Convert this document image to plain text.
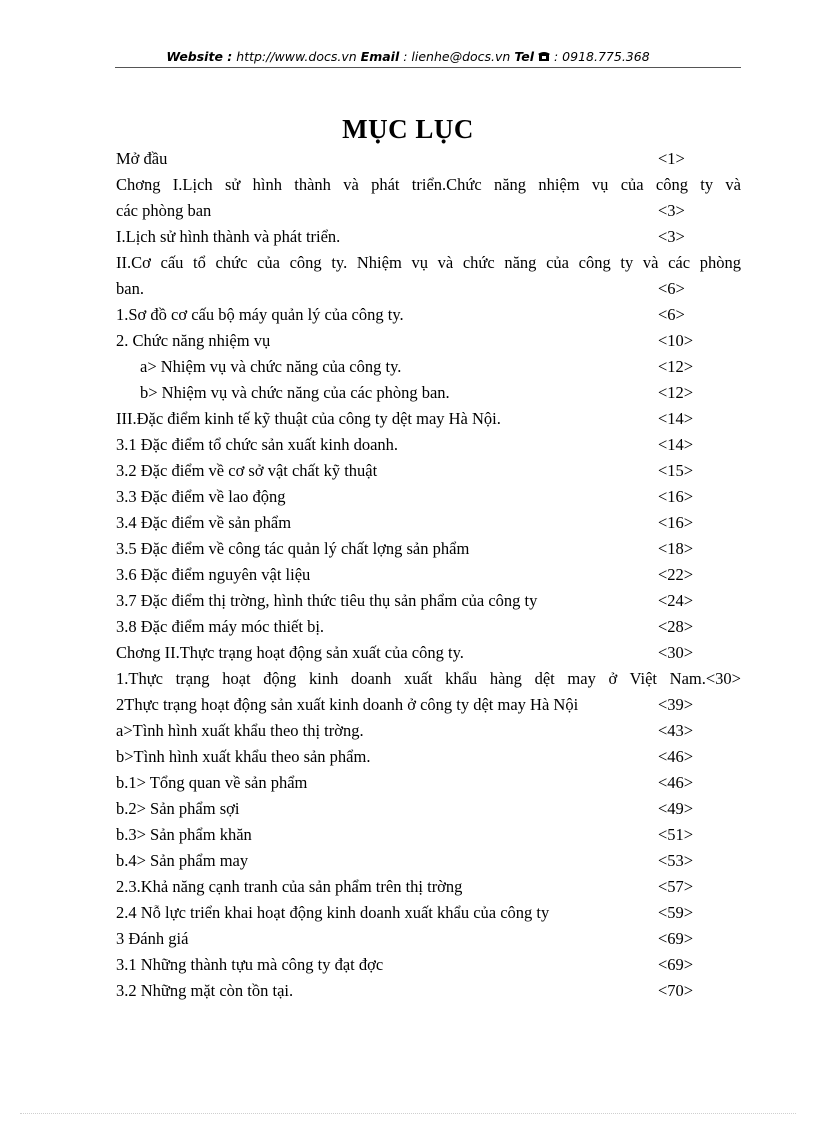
Website : http://www.docs.vn Email : lienhe@docs.vn Tel : 0918.775.368
MỤC LỤC
Mở đầu	<1>
Chơng I.Lịch sử hình thành và phát triển.Chức năng nhiệm vụ của công ty và
các phòng ban	<3>
I.Lịch sử hình thành và phát triển.	<3>
II.Cơ cấu tổ chức của công ty. Nhiệm vụ và chức năng của công ty và các phòng
ban.	<6>
1.Sơ đồ cơ cấu bộ máy quản lý của công ty.	<6>
2. Chức năng nhiệm vụ	<10>
a> Nhiệm vụ và chức năng của công ty.	<12>
b> Nhiệm vụ và chức năng của các phòng ban.	<12>
III.Đặc điểm kinh tế kỹ thuật của công ty dệt may Hà Nội.	<14>
3.1 Đặc điểm tổ chức sản xuất kinh doanh.	<14>
3.2 Đặc điểm về cơ sở vật chất kỹ thuật	<15>
3.3 Đặc điểm về lao động	<16>
3.4 Đặc điểm về sản phẩm	<16>
3.5 Đặc điểm về công tác quản lý chất lợng sản phẩm	<18>
3.6 Đặc điểm nguyên vật liệu	<22>
3.7 Đặc điểm thị trờng, hình thức tiêu thụ sản phẩm của công ty	<24>
3.8 Đặc điểm máy móc thiết bị.	<28>
Chơng II.Thực trạng hoạt động sản xuất của công ty.	<30>
1.Thực trạng hoạt động kinh doanh xuất khẩu hàng dệt may ở Việt Nam.<30>
2Thực trạng hoạt động sản xuất kinh doanh ở công ty dệt may Hà Nội	<39>
a>Tình hình xuất khẩu theo thị trờng.	<43>
b>Tình hình xuất khẩu theo sản phẩm.	<46>
b.1> Tổng quan về sản phẩm	<46>
b.2> Sản phẩm sợi	<49>
b.3> Sản phẩm khăn	<51>
b.4> Sản phẩm may	<53>
2.3.Khả năng cạnh tranh của sản phẩm trên thị trờng	<57>
2.4 Nỗ lực triển khai hoạt động kinh doanh xuất khẩu của công ty	<59>
3 Đánh giá	<69>
3.1 Những thành tựu mà công ty đạt đợc	<69>
3.2 Những mặt còn tồn tại.	<70>
